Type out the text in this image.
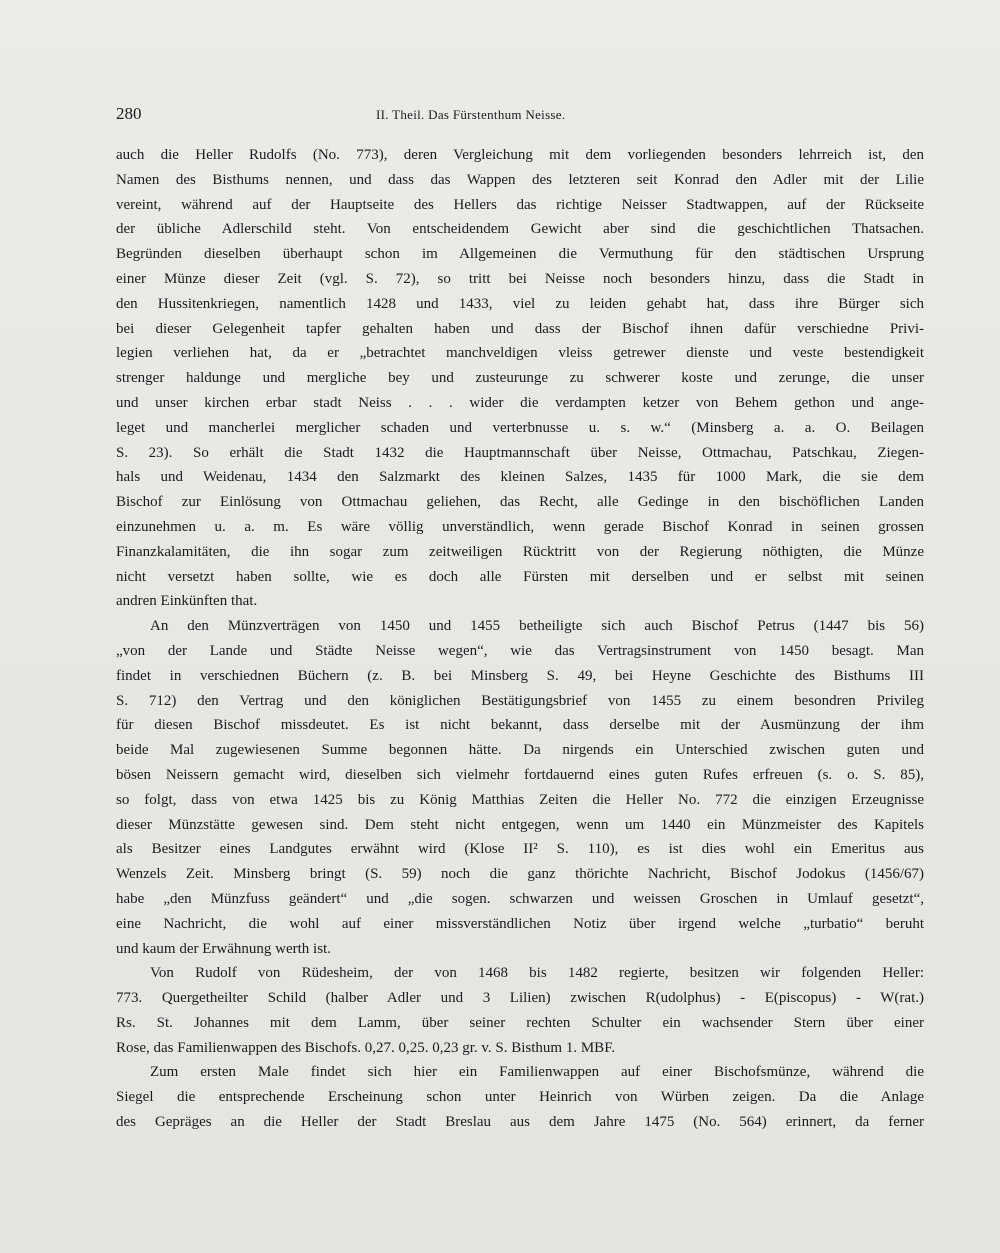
280	II. Theil. Das Fürstenthum Neisse.
auch die Heller Rudolfs (No. 773), deren Vergleichung mit dem vorliegenden besonders lehrreich ist, den
Namen des Bisthums nennen, und dass das Wappen des letzteren seit Konrad den Adler mit der Lilie
vereint, während auf der Hauptseite des Hellers das richtige Neisser Stadtwappen, auf der Rückseite
der übliche Adlerschild steht. Von entscheidendem Gewicht aber sind die geschichtlichen Thatsachen.
Begründen dieselben überhaupt schon im Allgemeinen die Vermuthung für den städtischen Ursprung
einer Münze dieser Zeit (vgl. S. 72), so tritt bei Neisse noch besonders hinzu, dass die Stadt in
den Hussitenkriegen, namentlich 1428 und 1433, viel zu leiden gehabt hat, dass ihre Bürger sich
bei dieser Gelegenheit tapfer gehalten haben und dass der Bischof ihnen dafür verschiedne Privi-
legien verliehen hat, da er „betrachtet manchveldigen vleiss getrewer dienste und veste bestendigkeit
strenger haldunge und mergliche bey und zusteurunge zu schwerer koste und zerunge, die unser
und unser kirchen erbar stadt Neiss . . . wider die verdampten ketzer von Behem gethon und ange-
leget und mancherlei merglicher schaden und verterbnusse u. s. w.“ (Minsberg a. a. O. Beilagen
S. 23). So erhält die Stadt 1432 die Hauptmannschaft über Neisse, Ottmachau, Patschkau, Ziegen-
hals und Weidenau, 1434 den Salzmarkt des kleinen Salzes, 1435 für 1000 Mark, die sie dem
Bischof zur Einlösung von Ottmachau geliehen, das Recht, alle Gedinge in den bischöflichen Landen
einzunehmen u. a. m. Es wäre völlig unverständlich, wenn gerade Bischof Konrad in seinen grossen
Finanzkalamitäten, die ihn sogar zum zeitweiligen Rücktritt von der Regierung nöthigten, die Münze
nicht versetzt haben sollte, wie es doch alle Fürsten mit derselben und er selbst mit seinen
andren Einkünften that.
An den Münzverträgen von 1450 und 1455 betheiligte sich auch Bischof Petrus (1447 bis 56)
„von der Lande und Städte Neisse wegen“, wie das Vertragsinstrument von 1450 besagt. Man
findet in verschiednen Büchern (z. B. bei Minsberg S. 49, bei Heyne Geschichte des Bisthums III
S. 712) den Vertrag und den königlichen Bestätigungsbrief von 1455 zu einem besondren Privileg
für diesen Bischof missdeutet. Es ist nicht bekannt, dass derselbe mit der Ausmünzung der ihm
beide Mal zugewiesenen Summe begonnen hätte. Da nirgends ein Unterschied zwischen guten und
bösen Neissern gemacht wird, dieselben sich vielmehr fortdauernd eines guten Rufes erfreuen (s. o. S. 85),
so folgt, dass von etwa 1425 bis zu König Matthias Zeiten die Heller No. 772 die einzigen Erzeugnisse
dieser Münzstätte gewesen sind. Dem steht nicht entgegen, wenn um 1440 ein Münzmeister des Kapitels
als Besitzer eines Landgutes erwähnt wird (Klose II² S. 110), es ist dies wohl ein Emeritus aus
Wenzels Zeit. Minsberg bringt (S. 59) noch die ganz thörichte Nachricht, Bischof Jodokus (1456/67)
habe „den Münzfuss geändert“ und „die sogen. schwarzen und weissen Groschen in Umlauf gesetzt“,
eine Nachricht, die wohl auf einer missverständlichen Notiz über irgend welche „turbatio“ beruht
und kaum der Erwähnung werth ist.
Von Rudolf von Rüdesheim, der von 1468 bis 1482 regierte, besitzen wir folgenden Heller:
773. Quergetheilter Schild (halber Adler und 3 Lilien) zwischen R(udolphus) - E(piscopus) - W(rat.)
Rs. St. Johannes mit dem Lamm, über seiner rechten Schulter ein wachsender Stern über einer
Rose, das Familienwappen des Bischofs. 0,27. 0,25. 0,23 gr. v. S. Bisthum 1. MBF.
Zum ersten Male findet sich hier ein Familienwappen auf einer Bischofsmünze, während die
Siegel die entsprechende Erscheinung schon unter Heinrich von Würben zeigen. Da die Anlage
des Gepräges an die Heller der Stadt Breslau aus dem Jahre 1475 (No. 564) erinnert, da ferner
